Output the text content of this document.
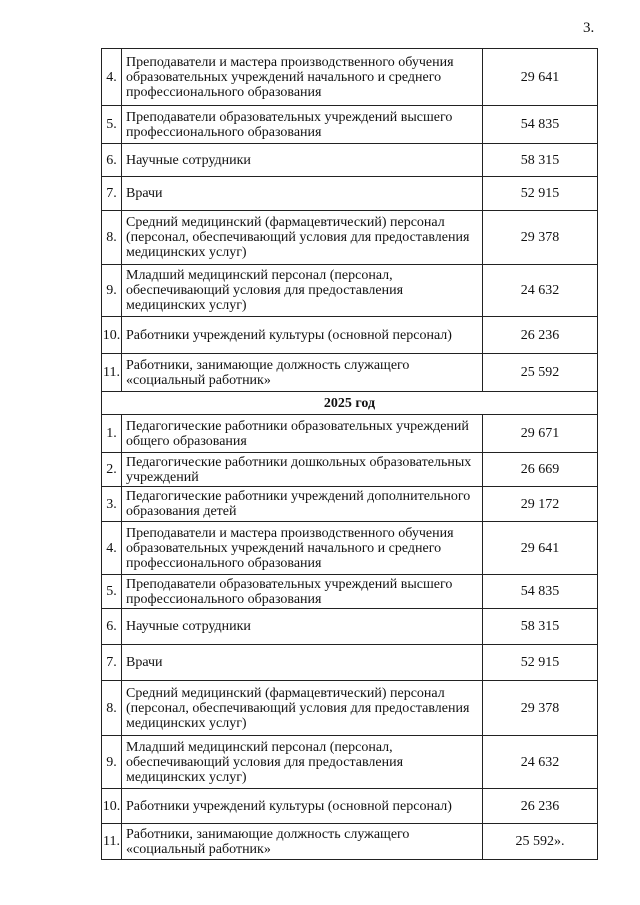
3.
4.	Преподаватели и мастера производственного обучения образовательных учреждений начального и среднего профессионального образования	29 641
5.	Преподаватели образовательных учреждений высшего профессионального образования	54 835
6.	Научные сотрудники	58 315
7.	Врачи	52 915
8.	Средний медицинский (фармацевтический) персонал (персонал, обеспечивающий условия для предоставления медицинских услуг)	29 378
9.	Младший медицинский персонал (персонал, обеспечивающий условия для предоставления медицинских услуг)	24 632
10.	Работники учреждений культуры (основной персонал)	26 236
11.	Работники, занимающие должность служащего «социальный работник»	25 592
2025 год		
1.	Педагогические работники образовательных учреждений общего образования	29 671
2.	Педагогические работники дошкольных образовательных учреждений	26 669
3.	Педагогические работники учреждений дополнительного образования детей	29 172
4.	Преподаватели и мастера производственного обучения образовательных учреждений начального и среднего профессионального образования	29 641
5.	Преподаватели образовательных учреждений высшего профессионального образования	54 835
6.	Научные сотрудники	58 315
7.	Врачи	52 915
8.	Средний медицинский (фармацевтический) персонал (персонал, обеспечивающий условия для предоставления медицинских услуг)	29 378
9.	Младший медицинский персонал (персонал, обеспечивающий условия для предоставления медицинских услуг)	24 632
10.	Работники учреждений культуры (основной персонал)	26 236
11.	Работники, занимающие должность служащего «социальный работник»	25 592».
